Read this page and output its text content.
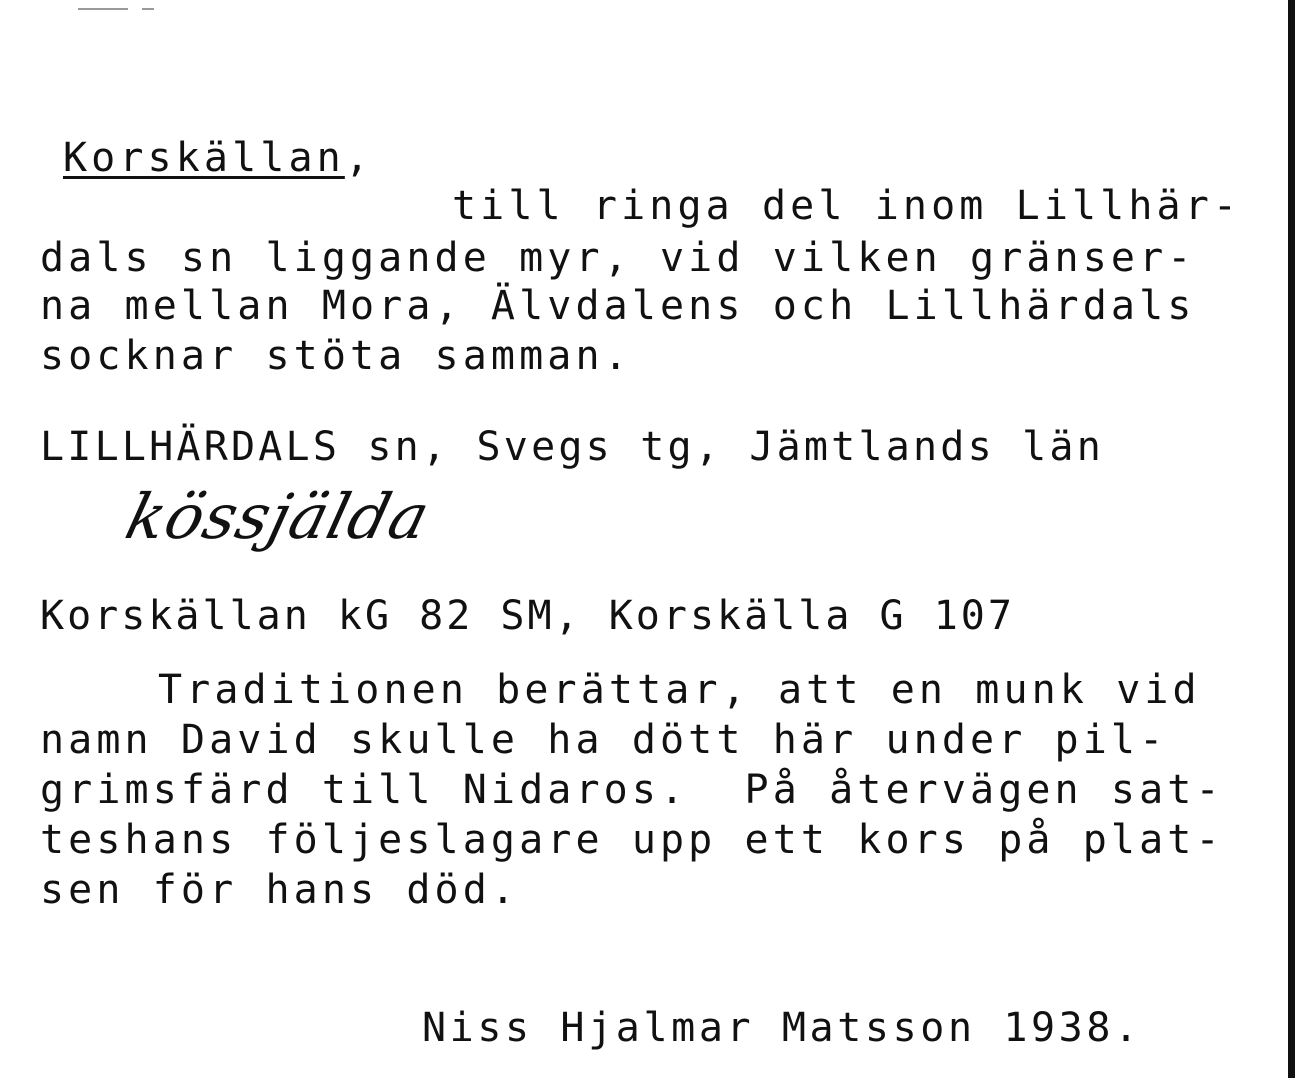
Korskällan,
till ringa del inom Lillhär-
dals sn liggande myr, vid vilken gränser-
na mellan Mora, Älvdalens och Lillhärdals
socknar stöta samman.
LILLHÄRDALS sn, Svegs tg, Jämtlands län
kössjälda
Korskällan kG 82 SM, Korskälla G 107
Traditionen berättar, att en munk vid
namn David skulle ha dött här under pil-
grimsfärd till Nidaros.  På återvägen sat-
teshans följeslagare upp ett kors på plat-
sen för hans död.
Niss Hjalmar Matsson 1938.
